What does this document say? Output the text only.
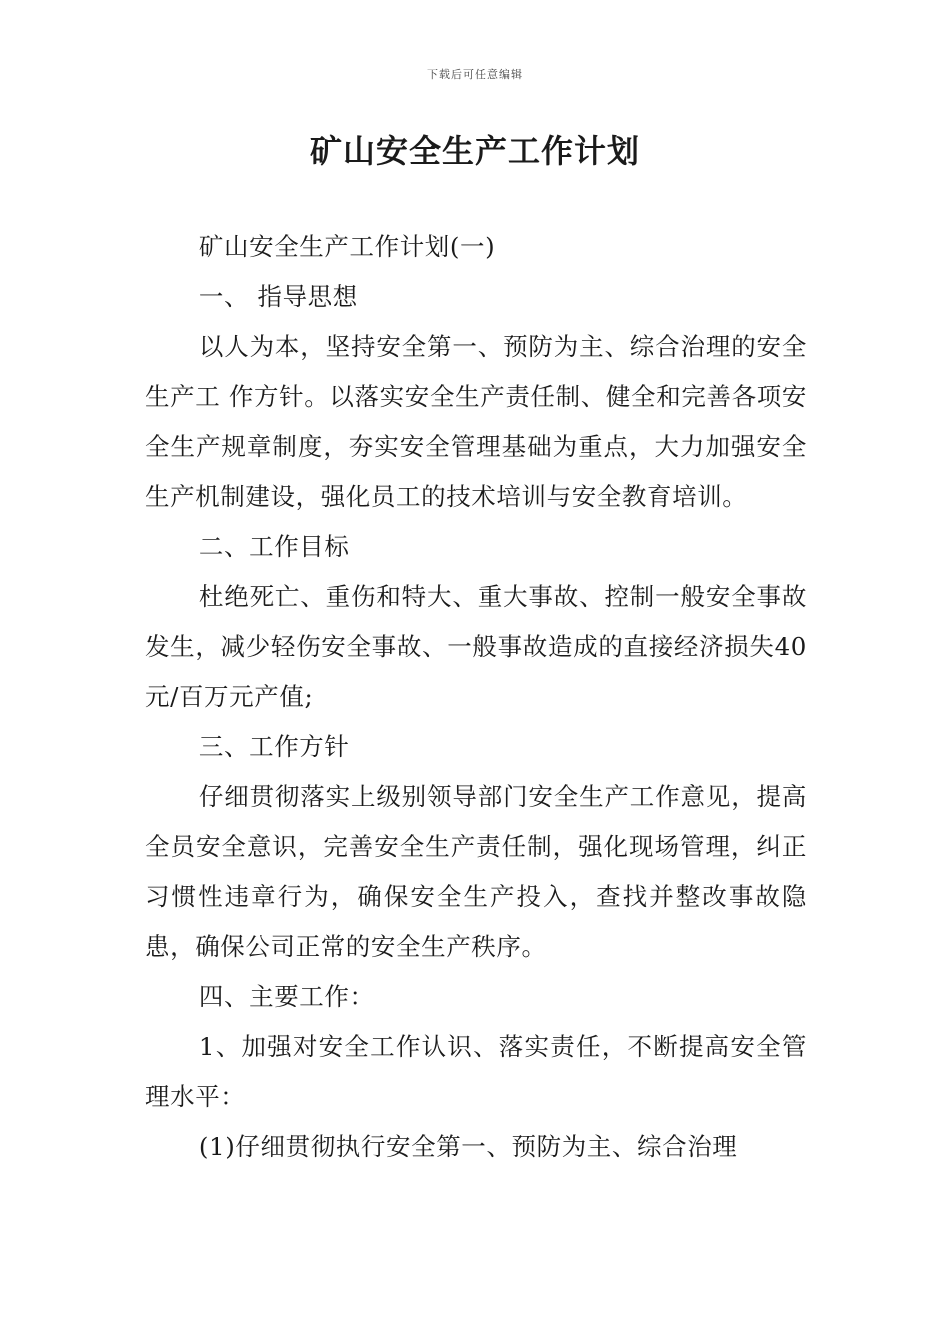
下载后可任意编辑
矿山安全生产工作计划

矿山安全生产工作计划(一)

一、 指导思想

以人为本，坚持安全第一、预防为主、综合治理的安全生产工 作方针。以落实安全生产责任制、健全和完善各项安全生产规章制度，夯实安全管理基础为重点，大力加强安全生产机制建设，强化员工的技术培训与安全教育培训。

二、工作目标

杜绝死亡、重伤和特大、重大事故、控制一般安全事故发生，减少轻伤安全事故、一般事故造成的直接经济损失40元/百万元产值;

三、工作方针

仔细贯彻落实上级别领导部门安全生产工作意见，提高全员安全意识，完善安全生产责任制，强化现场管理，纠正习惯性违章行为，确保安全生产投入，查找并整改事故隐患，确保公司正常的安全生产秩序。

四、主要工作：

1、加强对安全工作认识、落实责任，不断提高安全管理水平：

(1)仔细贯彻执行安全第一、预防为主、综合治理
